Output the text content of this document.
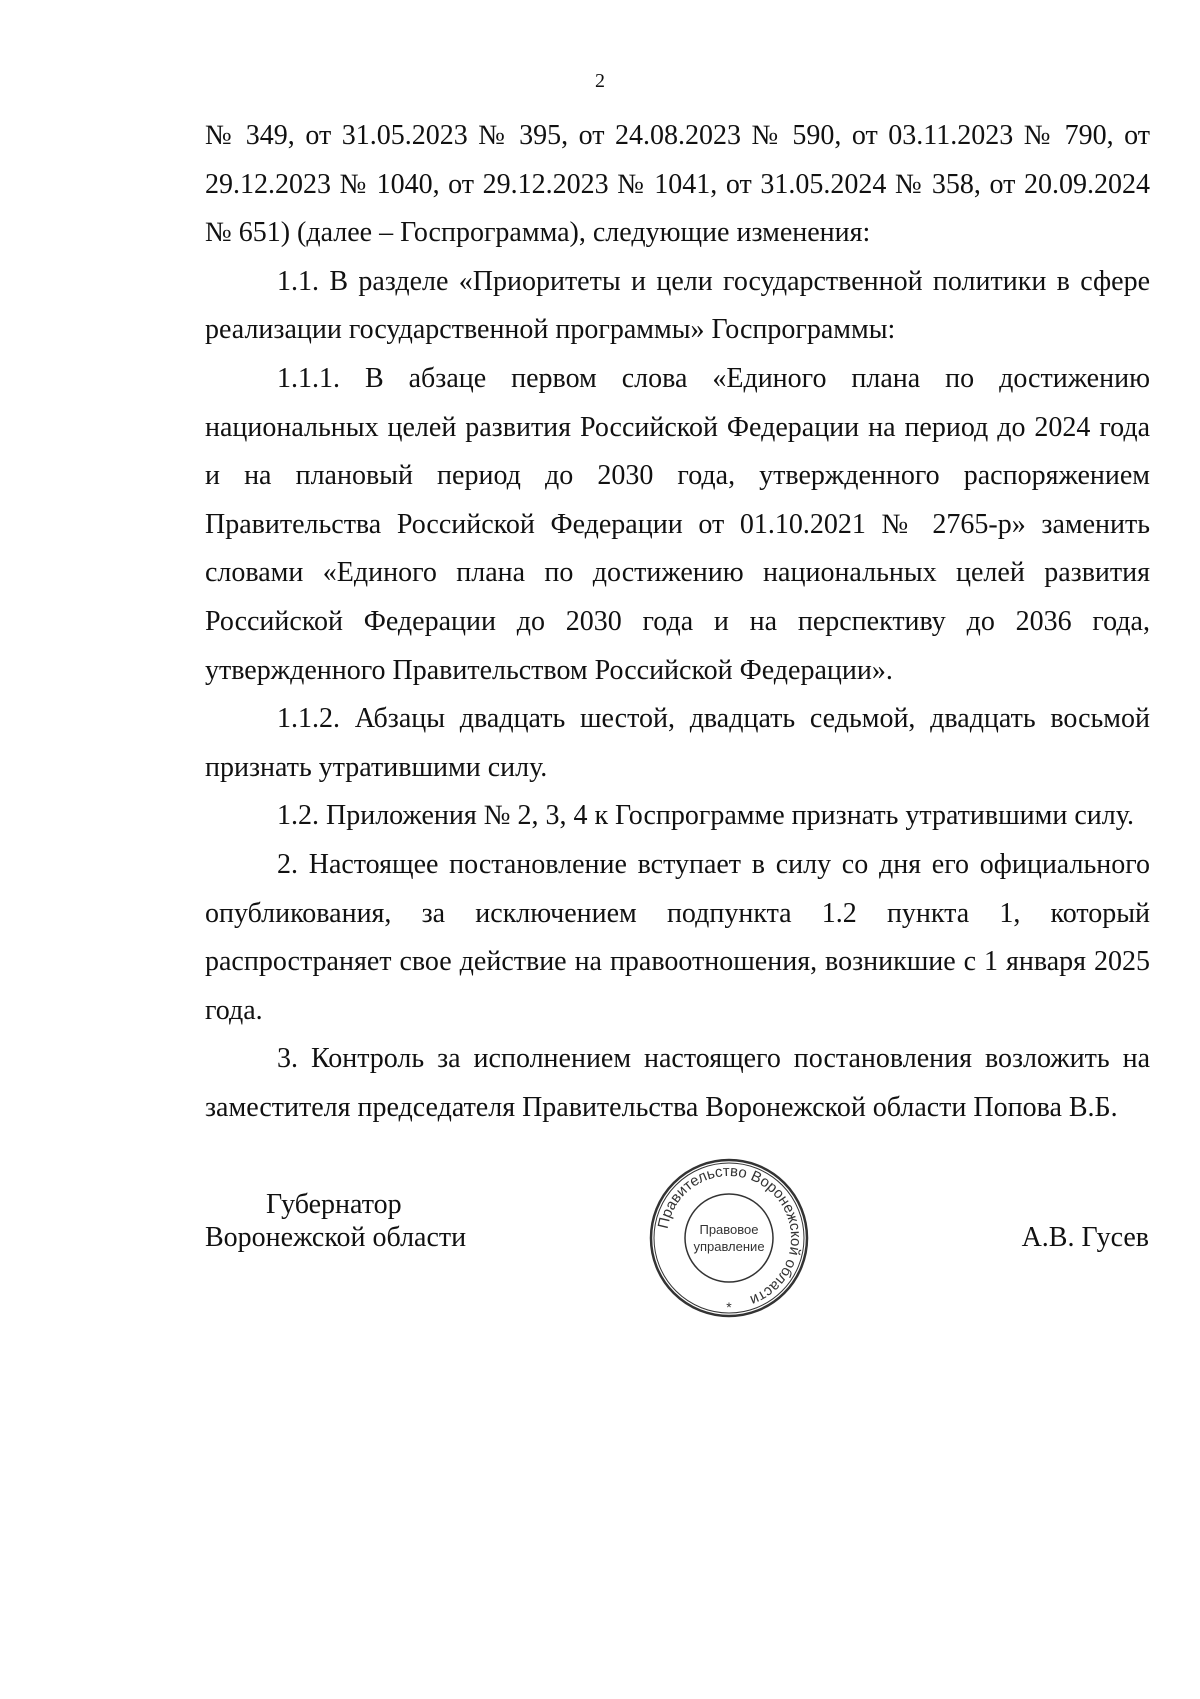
2

№ 349, от 31.05.2023 № 395, от 24.08.2023 № 590, от 03.11.2023 № 790, от 29.12.2023 № 1040, от 29.12.2023 № 1041, от 31.05.2024 № 358, от 20.09.2024 № 651) (далее – Госпрограмма), следующие изменения:

1.1. В разделе «Приоритеты и цели государственной политики в сфере реализации государственной программы» Госпрограммы:

1.1.1. В абзаце первом слова «Единого плана по достижению национальных целей развития Российской Федерации на период до 2024 года и на плановый период до 2030 года, утвержденного распоряжением Правительства Российской Федерации от 01.10.2021 № 2765-р» заменить словами «Единого плана по достижению национальных целей развития Российской Федерации до 2030 года и на перспективу до 2036 года, утвержденного Правительством Российской Федерации».

1.1.2. Абзацы двадцать шестой, двадцать седьмой, двадцать восьмой признать утратившими силу.

1.2. Приложения № 2, 3, 4 к Госпрограмме признать утратившими силу.

2. Настоящее постановление вступает в силу со дня его официального опубликования, за исключением подпункта 1.2 пункта 1, который распространяет свое действие на правоотношения, возникшие с 1 января 2025 года.

3. Контроль за исполнением настоящего постановления возложить на заместителя председателя Правительства Воронежской области Попова В.Б.

Губернатор
Воронежской области	Правительство Воронежской области
Правовое
управление
*
А.В. Гусев
